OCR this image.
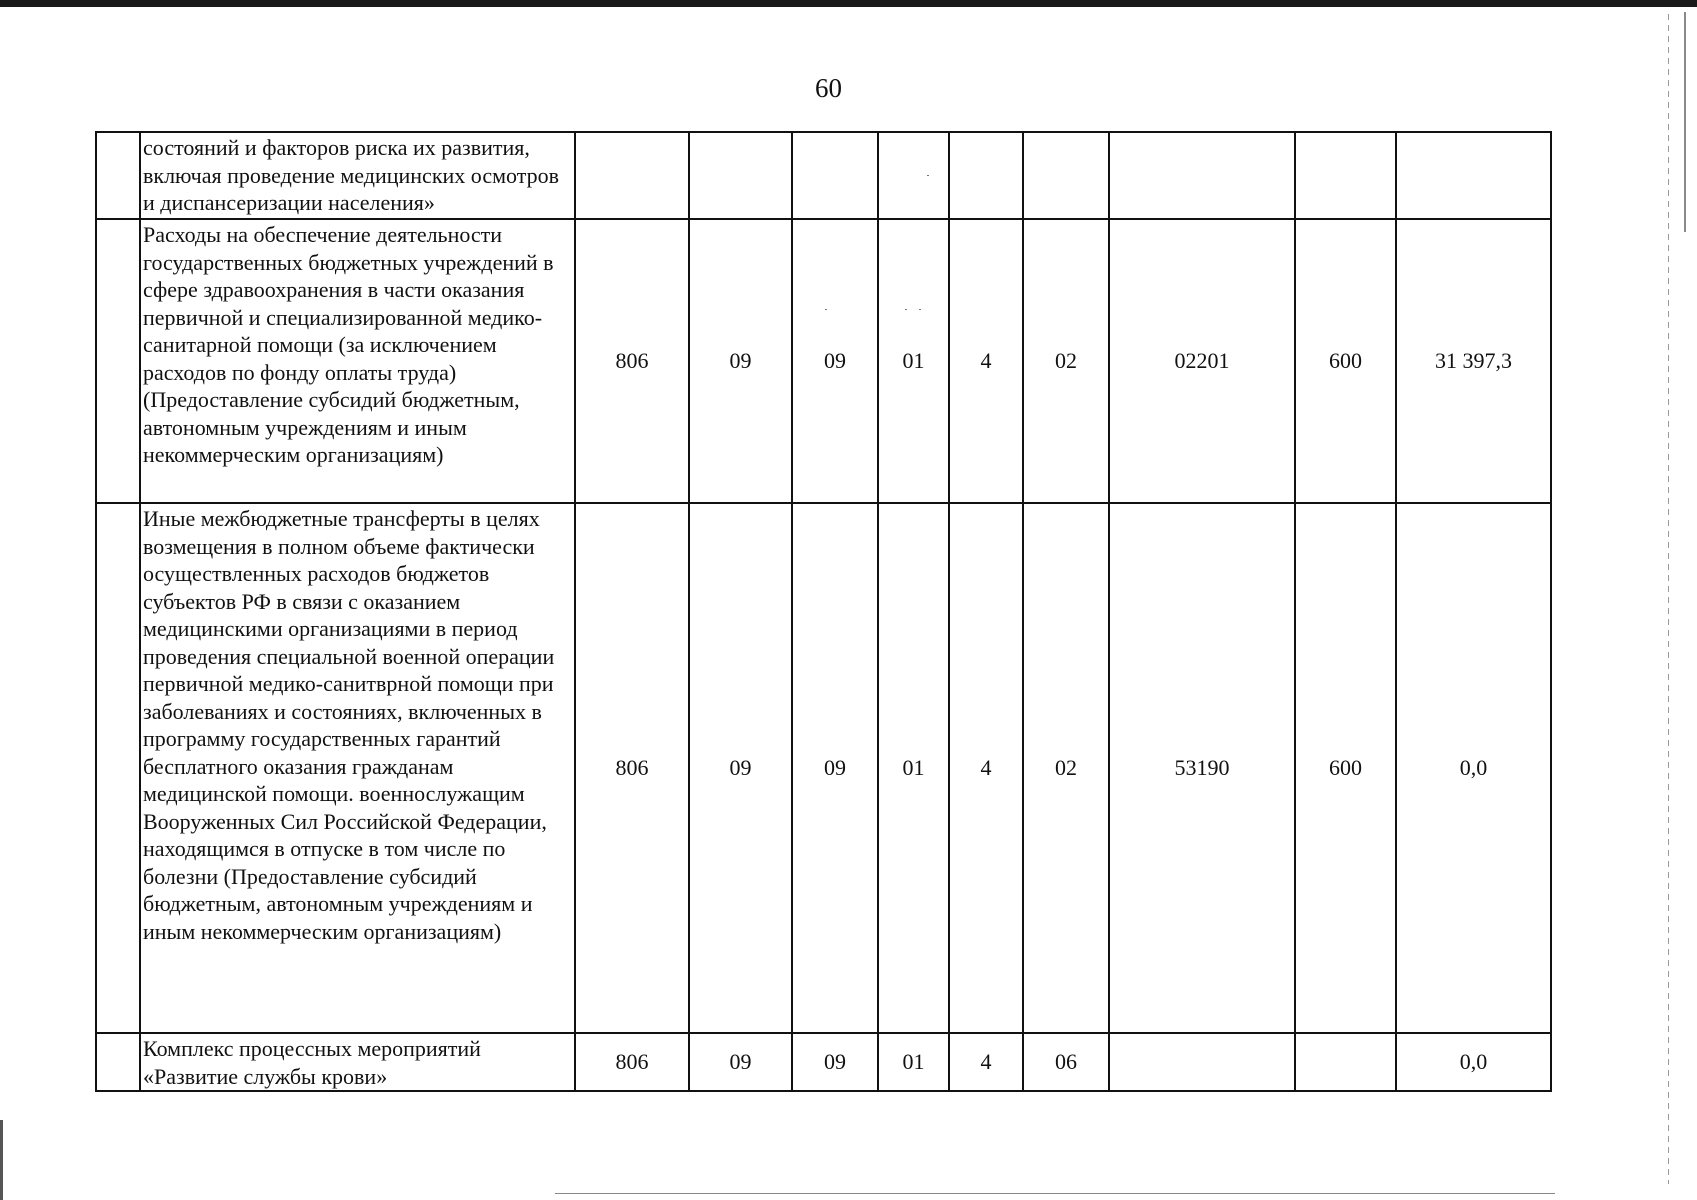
60
	состояний и факторов риска их развития, включая проведение медицинских осмотров и диспансеризации населения»									
	Расходы на обеспечение деятельности государственных бюджетных учреждений в сфере здравоохранения в части оказания первичной и специализированной медико-санитарной помощи (за исключением расходов по фонду оплаты труда) (Предоставление субсидий бюджетным, автономным учреждениям и иным некоммерческим организациям)	806	09	09	01	4	02	02201	600	31 397,3
	Иные межбюджетные трансферты в целях возмещения в полном объеме фактически осуществленных расходов бюджетов субъектов РФ в связи с оказанием медицинскими организациями в период проведения специальной военной операции первичной медико-санитврной помощи при заболеваниях и состояниях, включенных в программу государственных гарантий бесплатного оказания гражданам медицинской помощи. военнослужащим Вооруженных Сил Российской Федерации, находящимся в отпуске в том числе по болезни (Предоставление субсидий бюджетным, автономным учреждениям и иным некоммерческим организациям)	806	09	09	01	4	02	53190	600	0,0
	Комплекс процессных мероприятий «Развитие службы крови»	806	09	09	01	4	06			0,0
